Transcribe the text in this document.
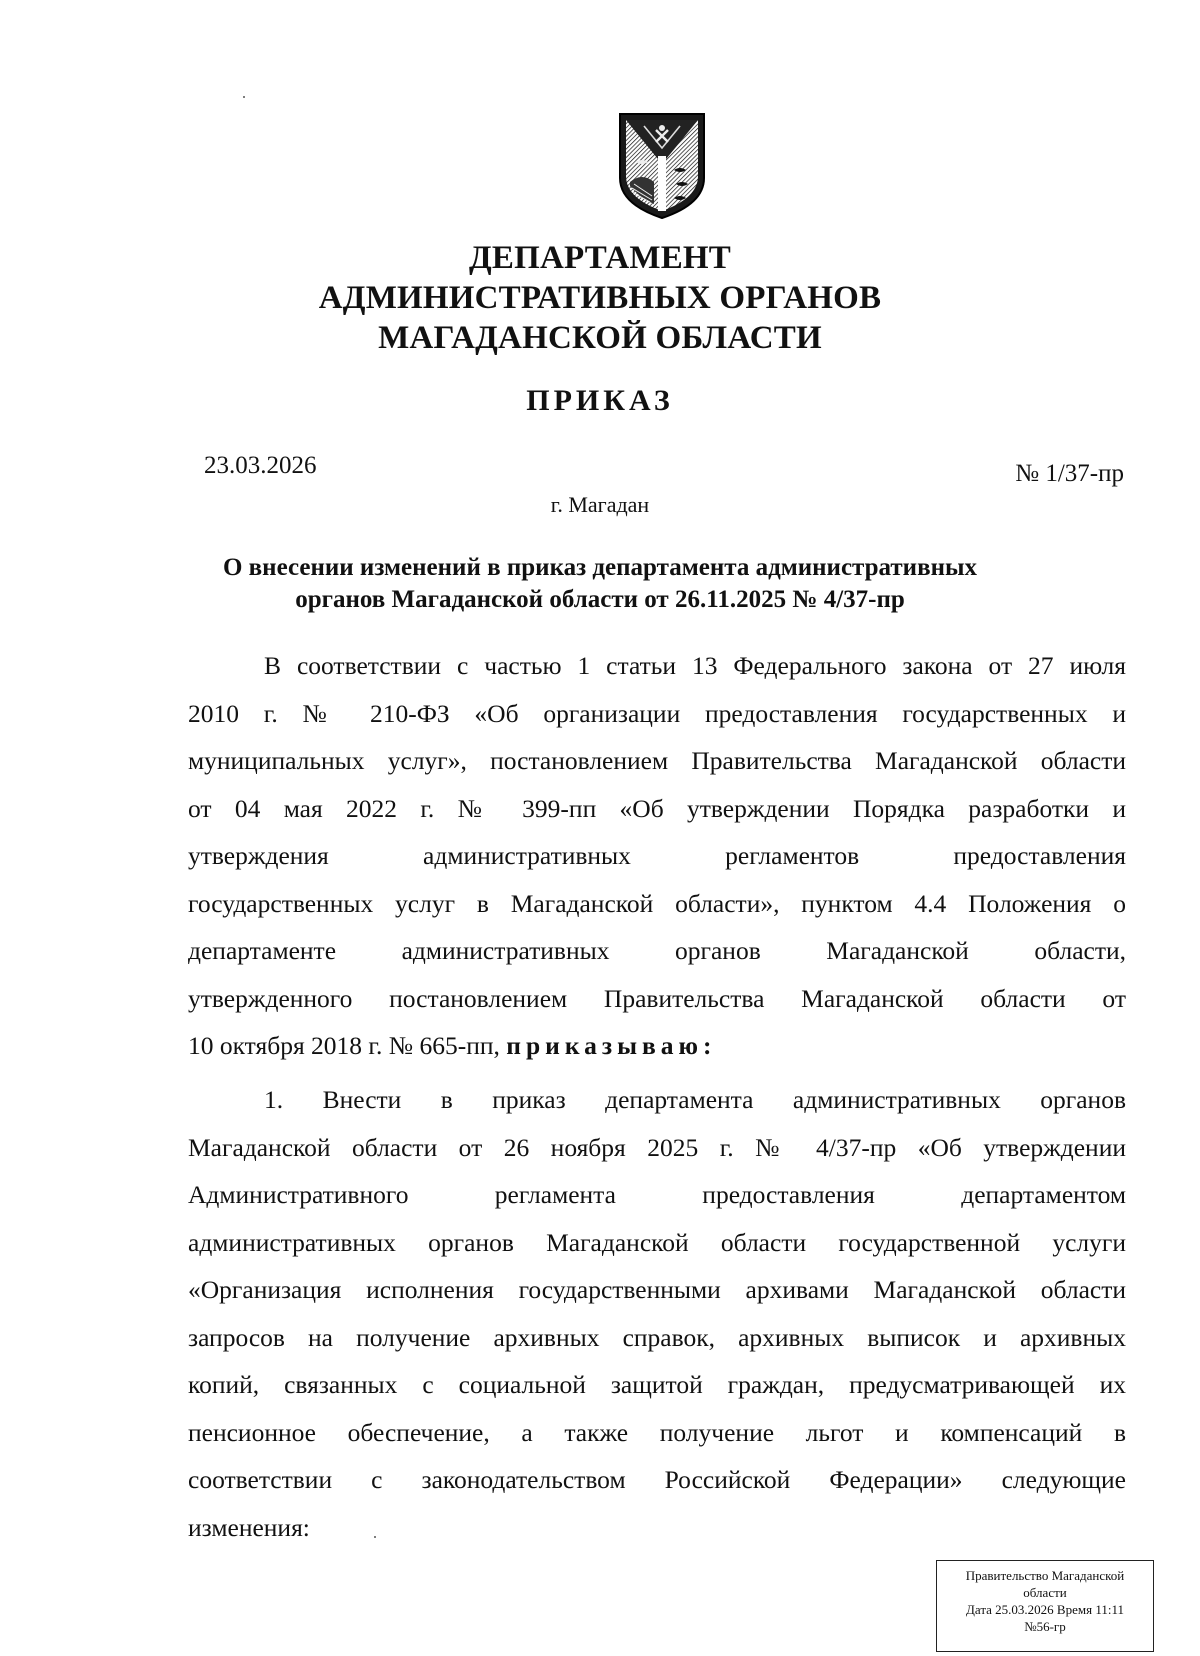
ДЕПАРТАМЕНТ
АДМИНИСТРАТИВНЫХ ОРГАНОВ
МАГАДАНСКОЙ ОБЛАСТИ
ПРИКАЗ
23.03.2026	№ 1/37-пр
г. Магадан
О внесении изменений в приказ департамента административных
органов Магаданской области от 26.11.2025 № 4/37-пр
В соответствии с частью 1 статьи 13 Федерального закона от 27 июля
2010 г. № 210-ФЗ «Об организации предоставления государственных и
муниципальных услуг», постановлением Правительства Магаданской области
от 04 мая 2022 г. № 399-пп «Об утверждении Порядка разработки и
утверждения административных регламентов предоставления
государственных услуг в Магаданской области», пунктом 4.4 Положения о
департаменте административных органов Магаданской области,
утвержденного постановлением Правительства Магаданской области от
10 октября 2018 г. № 665-пп, приказываю:
1. Внести в приказ департамента административных органов
Магаданской области от 26 ноября 2025 г. № 4/37-пр «Об утверждении
Административного регламента предоставления департаментом
административных органов Магаданской области государственной услуги
«Организация исполнения государственными архивами Магаданской области
запросов на получение архивных справок, архивных выписок и архивных
копий, связанных с социальной защитой граждан, предусматривающей их
пенсионное обеспечение, а также получение льгот и компенсаций в
соответствии с законодательством Российской Федерации» следующие
изменения:
Правительство Магаданской
области
Дата 25.03.2026 Время 11:11
№56-гр
